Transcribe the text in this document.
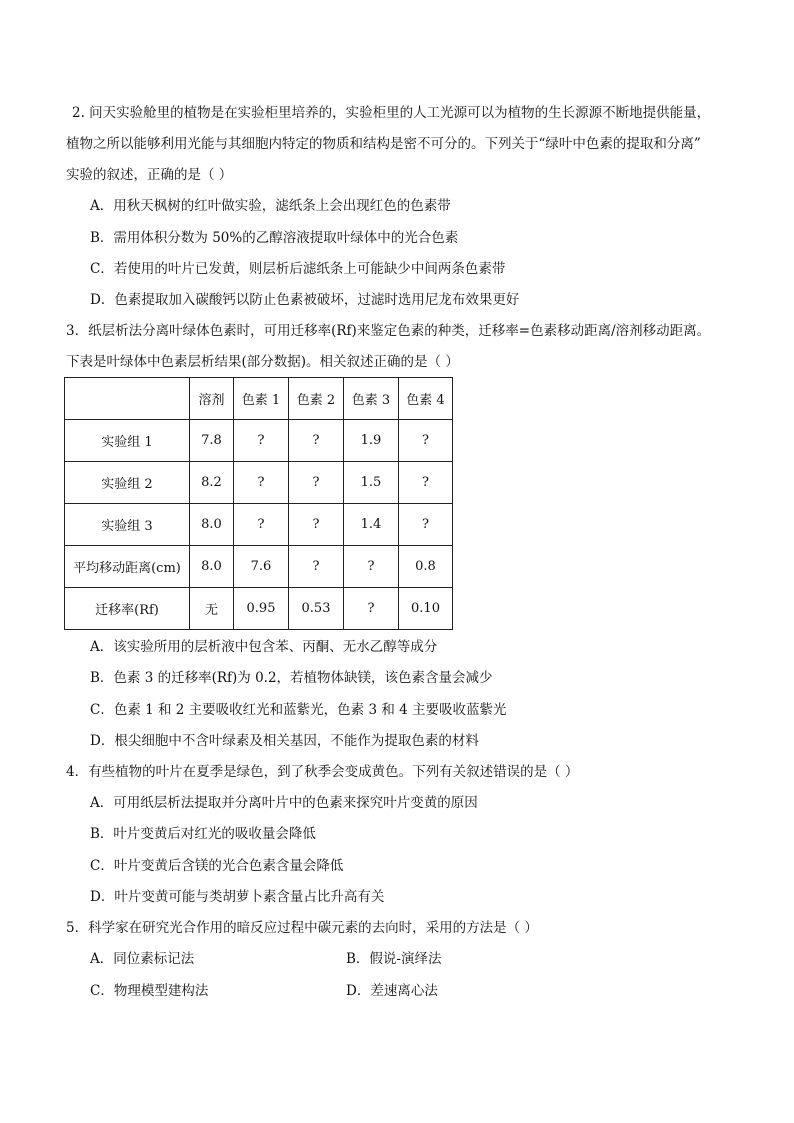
2. 问天实验舱里的植物是在实验柜里培养的，实验柜里的人工光源可以为植物的生长源源不断地提供能量，
植物之所以能够利用光能与其细胞内特定的物质和结构是密不可分的。下列关于“绿叶中色素的提取和分离”
实验的叙述，正确的是（ ）
A．用秋天枫树的红叶做实验，滤纸条上会出现红色的色素带
B．需用体积分数为 50%的乙醇溶液提取叶绿体中的光合色素
C．若使用的叶片已发黄，则层析后滤纸条上可能缺少中间两条色素带
D．色素提取加入碳酸钙以防止色素被破坏，过滤时选用尼龙布效果更好
3．纸层析法分离叶绿体色素时，可用迁移率(Rf)来鉴定色素的种类，迁移率=色素移动距离/溶剂移动距离。
下表是叶绿体中色素层析结果(部分数据)。相关叙述正确的是（ ）
	溶剂	色素 1	色素 2	色素 3	色素 4
实验组 1	7.8	?	?	1.9	?
实验组 2	8.2	?	?	1.5	?
实验组 3	8.0	?	?	1.4	?
平均移动距离(cm)	8.0	7.6	?	?	0.8
迁移率(Rf)	无	0.95	0.53	?	0.10
A．该实验所用的层析液中包含苯、丙酮、无水乙醇等成分
B．色素 3 的迁移率(Rf)为 0.2，若植物体缺镁，该色素含量会减少
C．色素 1 和 2 主要吸收红光和蓝紫光，色素 3 和 4 主要吸收蓝紫光
D．根尖细胞中不含叶绿素及相关基因，不能作为提取色素的材料
4．有些植物的叶片在夏季是绿色，到了秋季会变成黄色。下列有关叙述错误的是（ ）
A．可用纸层析法提取并分离叶片中的色素来探究叶片变黄的原因
B．叶片变黄后对红光的吸收量会降低
C．叶片变黄后含镁的光合色素含量会降低
D．叶片变黄可能与类胡萝卜素含量占比升高有关
5．科学家在研究光合作用的暗反应过程中碳元素的去向时，采用的方法是（ ）
A．同位素标记法	B．假说-演绎法
C．物理模型建构法	D．差速离心法
